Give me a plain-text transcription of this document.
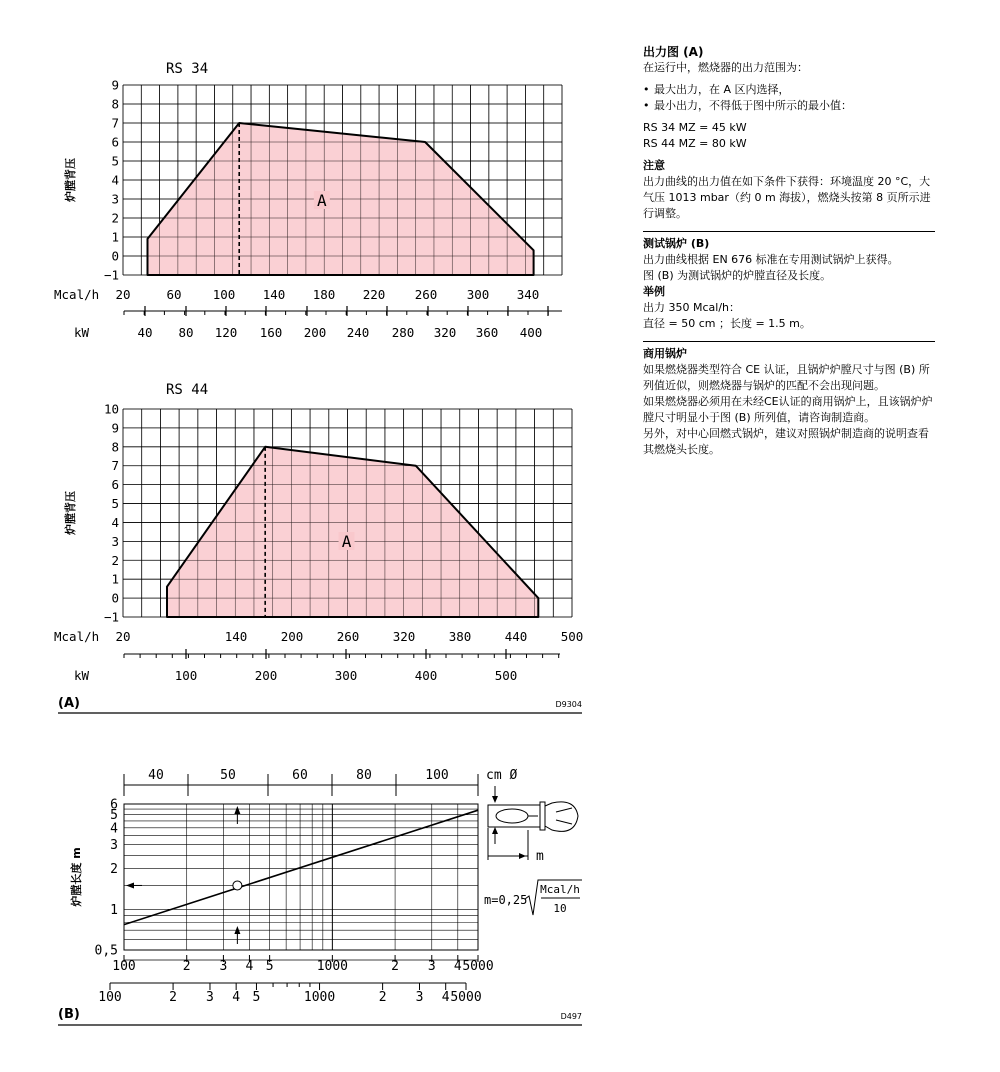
A
RS 34
9
8
7
6
5
4
3
2
1
0
−1
炉膛背压
Mcal/h 20	60 100 140 180 220 260 300 340
kW	40 80 120 160 200 240 280 320 360 400
A
RS 44
10
9
8
7
6
5
4
3
2
1
0
−1
炉膛背压
Mcal/h 20	140	200	260	320	380	440	500
kW	100	200	300	400	500
6
5
4
3
2
1
0,5
炉膛长度 m
40	50	60	80	100	cm Ø
100	2 3 4 5	1000	2 3 4 5000
100	2 3 4 5	1000	2 3 4 5000
m
m=0,25
Mcal/h
10
(A)	D9304
(B)	D497

出力图 (A)

在运行中，燃烧器的出力范围为：

• 最大出力，在 A 区内选择，

• 最小出力，不得低于图中所示的最小值：

RS 34 MZ = 45 kW

RS 44 MZ = 80 kW

注意

出力曲线的出力值在如下条件下获得：环境温度 20 °C，大气压 1013 mbar（约 0 m 海拔），燃烧头按第 8 页所示进行调整。

测试锅炉 (B)

出力曲线根据 EN 676 标准在专用测试锅炉上获得。

图 (B) 为测试锅炉的炉膛直径及长度。

举例

出力 350 Mcal/h：

直径 = 50 cm ；长度 = 1.5 m。

商用锅炉

如果燃烧器类型符合 CE 认证，且锅炉炉膛尺寸与图 (B) 所列值近似，则燃烧器与锅炉的匹配不会出现问题。

如果燃烧器必须用在未经CE认证的商用锅炉上，且该锅炉炉膛尺寸明显小于图 (B) 所列值，请咨询制造商。

另外，对中心回燃式锅炉，建议对照锅炉制造商的说明查看其燃烧头长度。
